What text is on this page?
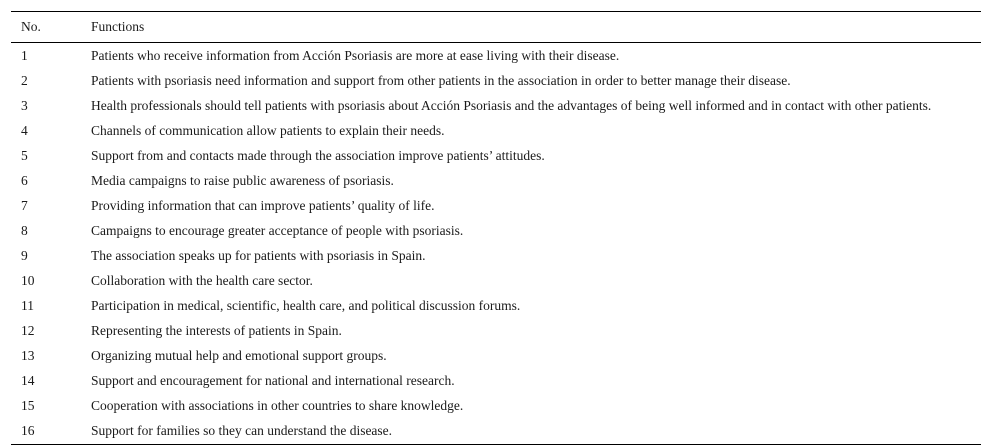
No.	Functions
1	Patients who receive information from Acción Psoriasis are more at ease living with their disease.
2	Patients with psoriasis need information and support from other patients in the association in order to better manage their disease.
3	Health professionals should tell patients with psoriasis about Acción Psoriasis and the advantages of being well informed and in contact with other patients.
4	Channels of communication allow patients to explain their needs.
5	Support from and contacts made through the association improve patients’ attitudes.
6	Media campaigns to raise public awareness of psoriasis.
7	Providing information that can improve patients’ quality of life.
8	Campaigns to encourage greater acceptance of people with psoriasis.
9	The association speaks up for patients with psoriasis in Spain.
10	Collaboration with the health care sector.
11	Participation in medical, scientific, health care, and political discussion forums.
12	Representing the interests of patients in Spain.
13	Organizing mutual help and emotional support groups.
14	Support and encouragement for national and international research.
15	Cooperation with associations in other countries to share knowledge.
16	Support for families so they can understand the disease.
